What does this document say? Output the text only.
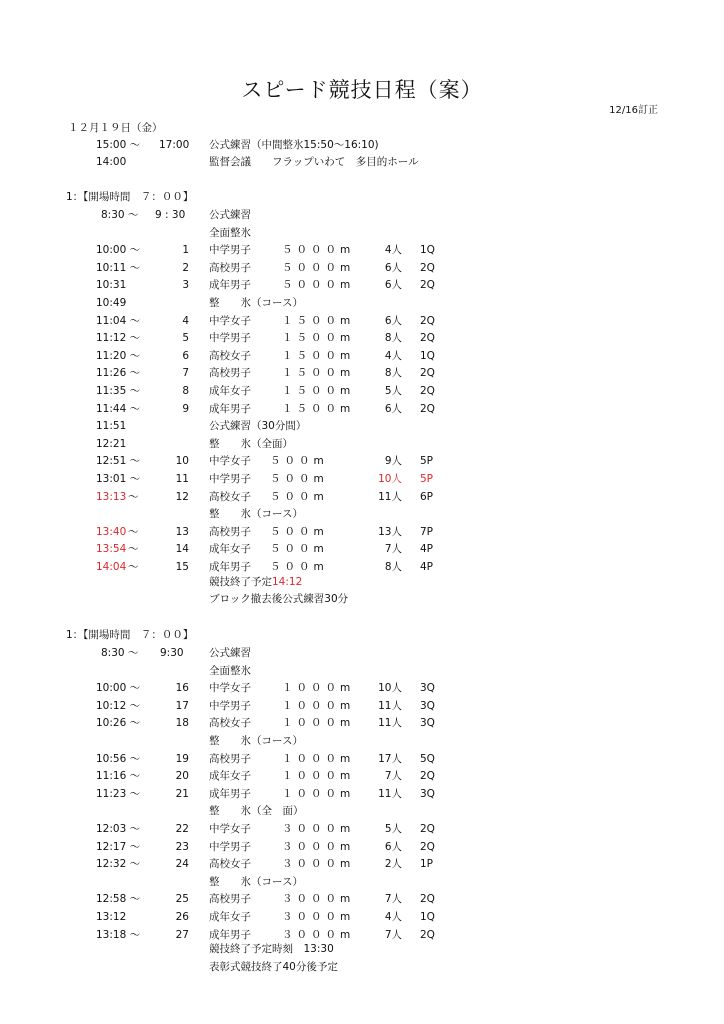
スピード競技日程（案）
12/16訂正
１２月１９日（金）
15:00 ～ 17:00 公式練習（中間整氷15:50～16:10)
14:00	監督会議　　フラップいわて　多目的ホール
1：【開場時間　７：００】
8:30 ～ 9 : 30 公式練習
全面整氷
10:00 ～	1 中学男子	５０００m	4人 1Q
10:11 ～	2 高校男子	５０００m	6人 2Q
10:31	3 成年男子	５０００m	6人 2Q
10:49	整　　氷（コース）
11:04 ～	4 中学女子	１５００m	6人 2Q
11:12 ～	5 中学男子	１５００m	8人 2Q
11:20 ～	6 高校女子	１５００m	4人 1Q
11:26 ～	7 高校男子	１５００m	8人 2Q
11:35 ～	8 成年女子	１５００m	5人 2Q
11:44 ～	9 成年男子	１５００m	6人 2Q
11:51	公式練習（30分間）
12:21	整　　氷（全面）
12:51 ～	10 中学女子 ５００m	9人 5P
13:01 ～	11 中学男子 ５００m	10人 5P
13:13 ～	12 高校女子 ５００m	11人 6P
整　　氷（コース）
13:40 ～	13 高校男子 ５００m	13人 7P
13:54 ～	14 成年女子 ５００m	7人 4P
14:04 ～	15 成年男子 ５００m	8人 4P
競技終了予定14:12
ブロック撤去後公式練習30分
1：【開場時間　７：００】
8:30 ～ 9:30 公式練習
全面整氷
10:00 ～	16 中学女子	１０００m	10人 3Q
10:12 ～	17 中学男子	１０００m	11人 3Q
10:26 ～	18 高校女子	１０００m	11人 3Q
整　　氷（コース）
10:56 ～	19 高校男子	１０００m	17人 5Q
11:16 ～	20 成年女子	１０００m	7人 2Q
11:23 ～	21 成年男子	１０００m	11人 3Q
整　　氷（全　面）
12:03 ～	22 中学女子	３０００m	5人 2Q
12:17 ～	23 中学男子	３０００m	6人 2Q
12:32 ～	24 高校女子	３０００m	2人 1P
整　　氷（コース）
12:58 ～	25 高校男子	３０００m	7人 2Q
13:12	26 成年女子	３０００m	4人 1Q
13:18 ～	27 成年男子	３０００m	7人 2Q
競技終了予定時刻　13:30
表彰式競技終了40分後予定
